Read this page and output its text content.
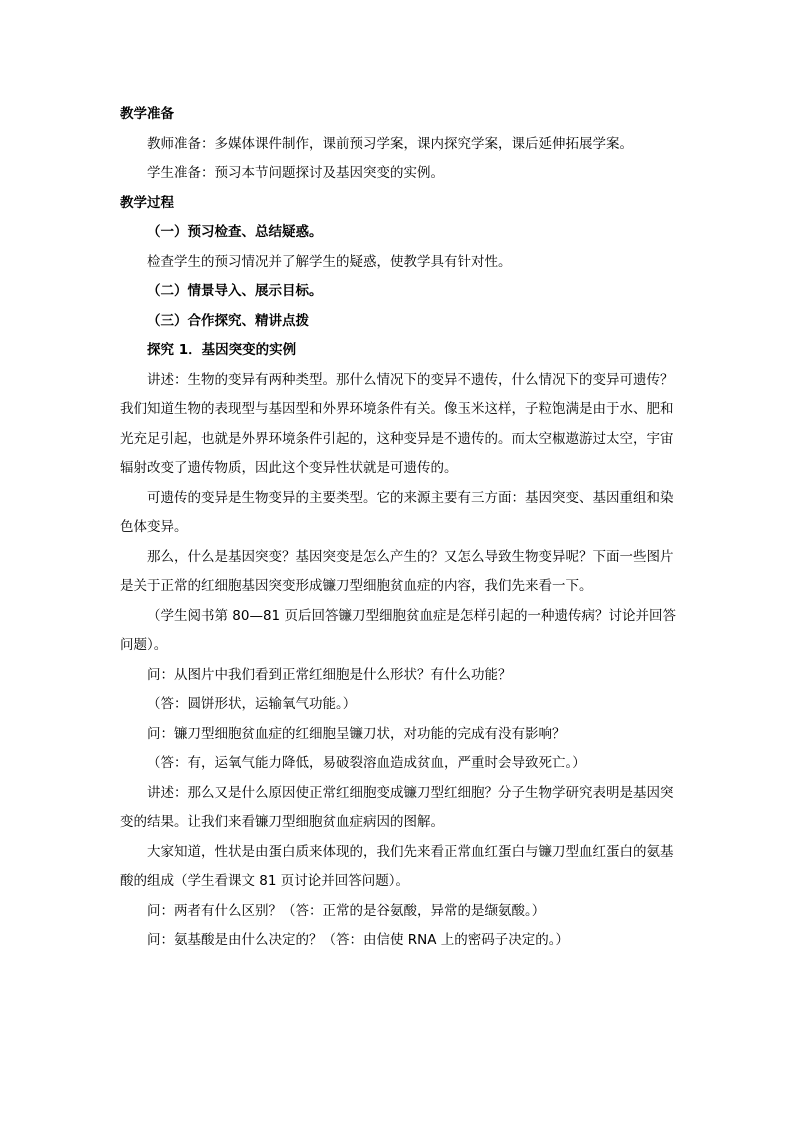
教学准备

教师准备：多媒体课件制作，课前预习学案，课内探究学案，课后延伸拓展学案。

学生准备：预习本节问题探讨及基因突变的实例。

教学过程

（一）预习检查、总结疑惑。

检查学生的预习情况并了解学生的疑惑，使教学具有针对性。

（二）情景导入、展示目标。

（三）合作探究、精讲点拨

探究 1．基因突变的实例

讲述：生物的变异有两种类型。那什么情况下的变异不遗传，什么情况下的变异可遗传？我们知道生物的表现型与基因型和外界环境条件有关。像玉米这样，子粒饱满是由于水、肥和光充足引起，也就是外界环境条件引起的，这种变异是不遗传的。而太空椒遨游过太空，宇宙辐射改变了遗传物质，因此这个变异性状就是可遗传的。

可遗传的变异是生物变异的主要类型。它的来源主要有三方面：基因突变、基因重组和染色体变异。

那么，什么是基因突变？基因突变是怎么产生的？又怎么导致生物变异呢？下面一些图片是关于正常的红细胞基因突变形成镰刀型细胞贫血症的内容，我们先来看一下。

（学生阅书第 80—81 页后回答镰刀型细胞贫血症是怎样引起的一种遗传病？讨论并回答问题）。

问：从图片中我们看到正常红细胞是什么形状？有什么功能？

（答：圆饼形状，运输氧气功能。）

问：镰刀型细胞贫血症的红细胞呈镰刀状，对功能的完成有没有影响？

（答：有，运氧气能力降低，易破裂溶血造成贫血，严重时会导致死亡。）

讲述：那么又是什么原因使正常红细胞变成镰刀型红细胞？分子生物学研究表明是基因突变的结果。让我们来看镰刀型细胞贫血症病因的图解。

大家知道，性状是由蛋白质来体现的，我们先来看正常血红蛋白与镰刀型血红蛋白的氨基酸的组成（学生看课文 81 页讨论并回答问题）。

问：两者有什么区别？（答：正常的是谷氨酸，异常的是缬氨酸。）

问：氨基酸是由什么决定的？（答：由信使 RNA 上的密码子决定的。）
